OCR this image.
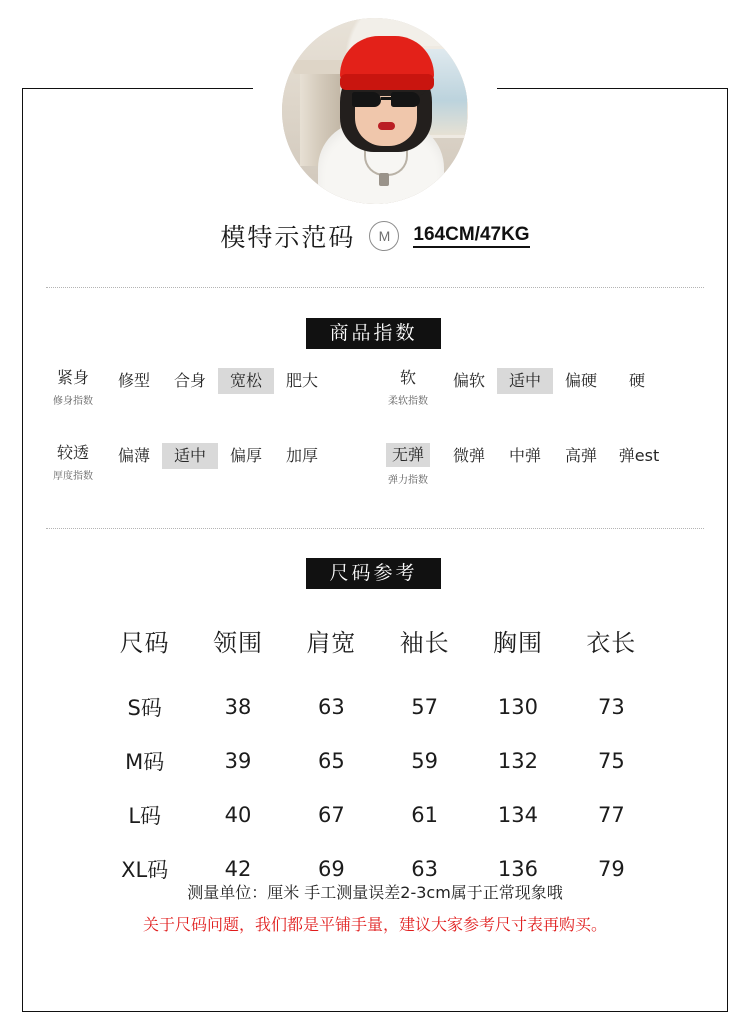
模特示范码	M	164CM/47KG
商品指数
紧身
修身指数
修型	合身	宽松	肥大	软
柔软指数
偏软	适中	偏硬	硬
较透
厚度指数
偏薄	适中	偏厚	加厚	无弹
弹力指数
微弹	中弹	高弹	弹est
尺码参考
尺码	领围	肩宽	袖长	胸围	衣长
S码	38	63	57	130	73
M码	39	65	59	132	75
L码	40	67	61	134	77
XL码	42	69	63	136	79
测量单位：厘米 手工测量误差2-3cm属于正常现象哦
关于尺码问题，我们都是平铺手量，建议大家参考尺寸表再购买。
